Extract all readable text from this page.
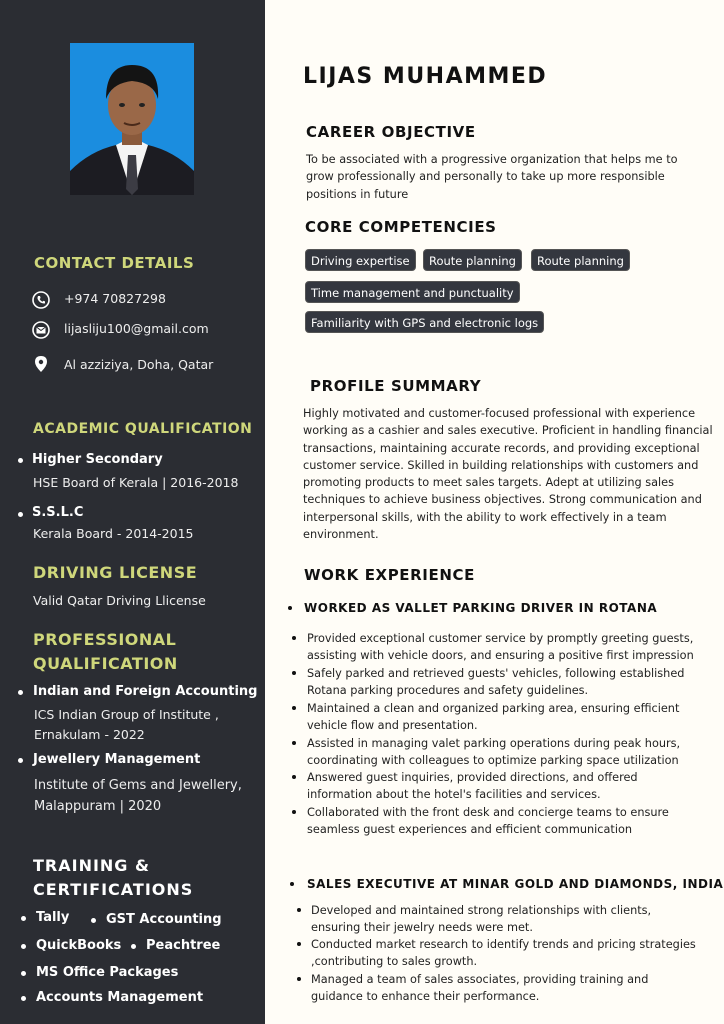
CONTACT DETAILS
+974 70827298
lijasliju100@gmail.com
Al azziziya, Doha, Qatar
ACADEMIC QUALIFICATION
Higher Secondary
HSE Board of Kerala | 2016-2018
S.S.L.C
Kerala Board - 2014-2015
DRIVING LICENSE
Valid Qatar Driving Llicense
PROFESSIONAL
QUALIFICATION
Indian and Foreign Accounting
ICS Indian Group of Institute ,
Ernakulam - 2022
Jewellery Management
Institute of Gems and Jewellery,
Malappuram | 2020
TRAINING &
CERTIFICATIONS
Tally	GST Accounting
QuickBooks Peachtree
MS Office Packages
Accounts Management
LIJAS MUHAMMED
CAREER OBJECTIVE
To be associated with a progressive organization that helps me to grow professionally and personally to take up more responsible positions in future
CORE COMPETENCIES
Driving expertise	Route planning	Route planning
Time management and punctuality
Familiarity with GPS and electronic logs
PROFILE SUMMARY
Highly motivated and customer-focused professional with experience working as a cashier and sales executive. Proficient in handling financial transactions, maintaining accurate records, and providing exceptional customer service. Skilled in building relationships with customers and promoting products to meet sales targets. Adept at utilizing sales techniques to achieve business objectives. Strong communication and interpersonal skills, with the ability to work effectively in a team environment.
WORK EXPERIENCE
WORKED AS VALLET PARKING DRIVER IN ROTANA
Provided exceptional customer service by promptly greeting guests, assisting with vehicle doors, and ensuring a positive first impression
Safely parked and retrieved guests' vehicles, following established Rotana parking procedures and safety guidelines.
Maintained a clean and organized parking area, ensuring efficient vehicle flow and presentation.
Assisted in managing valet parking operations during peak hours, coordinating with colleagues to optimize parking space utilization
Answered guest inquiries, provided directions, and offered information about the hotel's facilities and services.
Collaborated with the front desk and concierge teams to ensure seamless guest experiences and efficient communication
SALES EXECUTIVE AT MINAR GOLD AND DIAMONDS, INDIA
Developed and maintained strong relationships with clients, ensuring their jewelry needs were met.
Conducted market research to identify trends and pricing strategies ,contributing to sales growth.
Managed a team of sales associates, providing training and guidance to enhance their performance.
